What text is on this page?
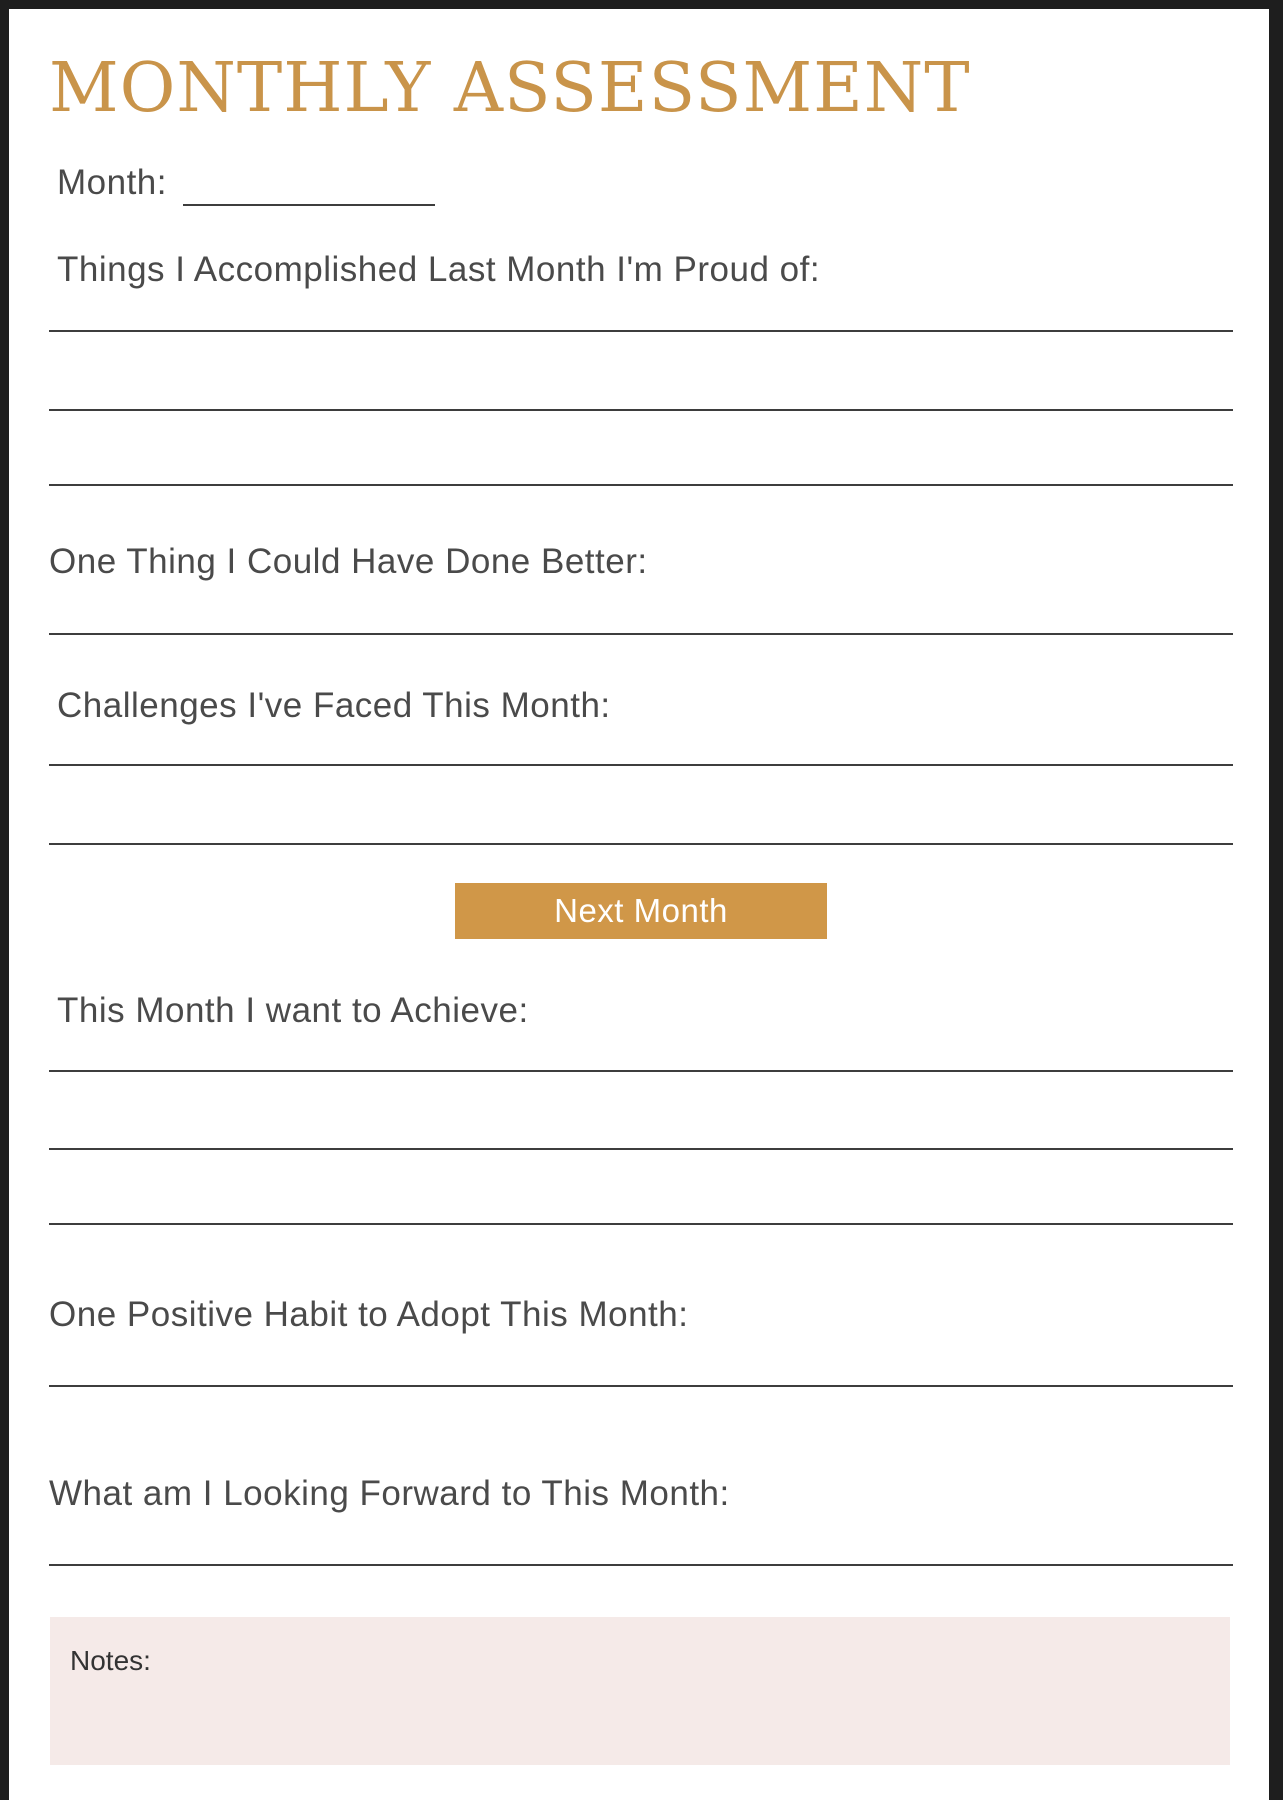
MONTHLY ASSESSMENT
Month:
Things I Accomplished Last Month I'm Proud of:
One Thing I Could Have Done Better:
Challenges I've Faced This Month:
Next Month
This Month I want to Achieve:
One Positive Habit to Adopt This Month:
What am I Looking Forward to This Month:
Notes:
